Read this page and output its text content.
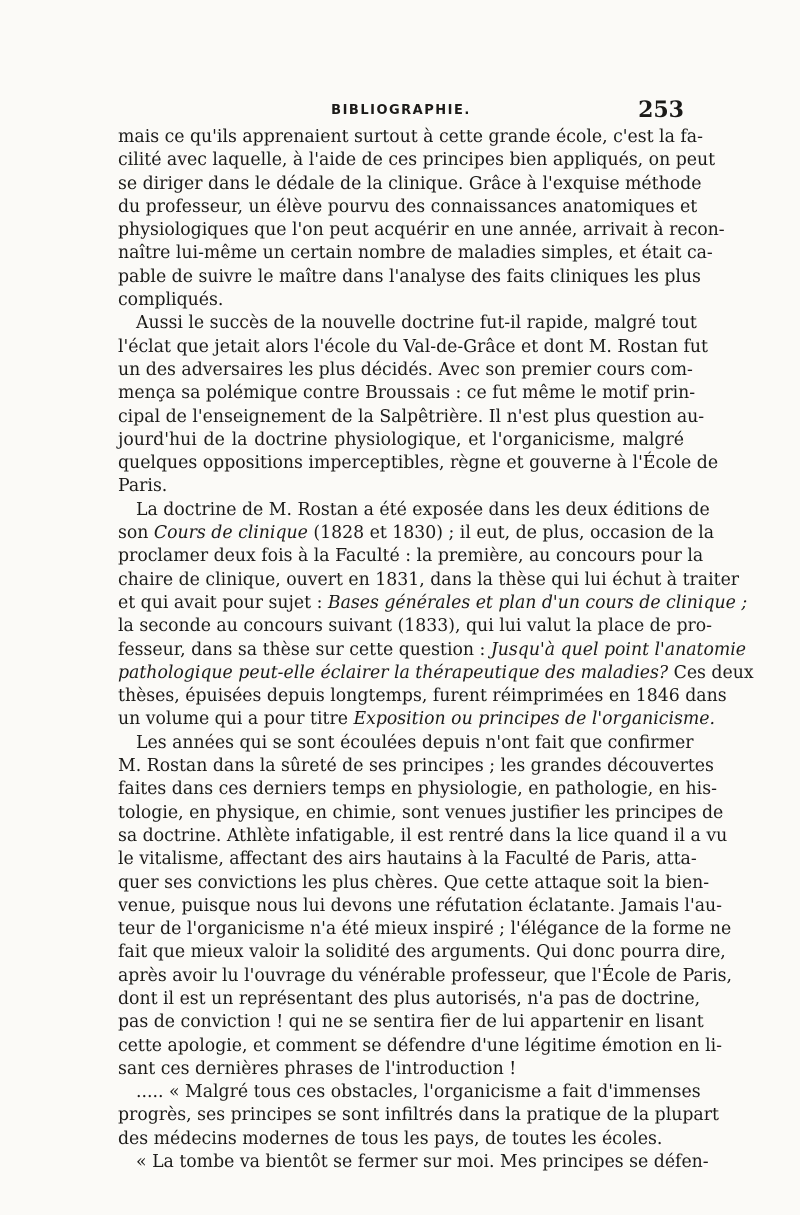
BIBLIOGRAPHIE.	253
mais ce qu'ils apprenaient surtout à cette grande école, c'est la fa-
cilité avec laquelle, à l'aide de ces principes bien appliqués, on peut
se diriger dans le dédale de la clinique. Grâce à l'exquise méthode
du professeur, un élève pourvu des connaissances anatomiques et
physiologiques que l'on peut acquérir en une année, arrivait à recon-
naître lui-même un certain nombre de maladies simples, et était ca-
pable de suivre le maître dans l'analyse des faits cliniques les plus
compliqués.
Aussi le succès de la nouvelle doctrine fut-il rapide, malgré tout
l'éclat que jetait alors l'école du Val-de-Grâce et dont M. Rostan fut
un des adversaires les plus décidés. Avec son premier cours com-
mença sa polémique contre Broussais : ce fut même le motif prin-
cipal de l'enseignement de la Salpêtrière. Il n'est plus question au-
jourd'hui de la doctrine physiologique, et l'organicisme, malgré
quelques oppositions imperceptibles, règne et gouverne à l'École de
Paris.
La doctrine de M. Rostan a été exposée dans les deux éditions de
son Cours de clinique (1828 et 1830) ; il eut, de plus, occasion de la
proclamer deux fois à la Faculté : la première, au concours pour la
chaire de clinique, ouvert en 1831, dans la thèse qui lui échut à traiter
et qui avait pour sujet : Bases générales et plan d'un cours de clinique ;
la seconde au concours suivant (1833), qui lui valut la place de pro-
fesseur, dans sa thèse sur cette question : Jusqu'à quel point l'anatomie
pathologique peut-elle éclairer la thérapeutique des maladies? Ces deux
thèses, épuisées depuis longtemps, furent réimprimées en 1846 dans
un volume qui a pour titre Exposition ou principes de l'organicisme.
Les années qui se sont écoulées depuis n'ont fait que confirmer
M. Rostan dans la sûreté de ses principes ; les grandes découvertes
faites dans ces derniers temps en physiologie, en pathologie, en his-
tologie, en physique, en chimie, sont venues justifier les principes de
sa doctrine. Athlète infatigable, il est rentré dans la lice quand il a vu
le vitalisme, affectant des airs hautains à la Faculté de Paris, atta-
quer ses convictions les plus chères. Que cette attaque soit la bien-
venue, puisque nous lui devons une réfutation éclatante. Jamais l'au-
teur de l'organicisme n'a été mieux inspiré ; l'élégance de la forme ne
fait que mieux valoir la solidité des arguments. Qui donc pourra dire,
après avoir lu l'ouvrage du vénérable professeur, que l'École de Paris,
dont il est un représentant des plus autorisés, n'a pas de doctrine,
pas de conviction ! qui ne se sentira fier de lui appartenir en lisant
cette apologie, et comment se défendre d'une légitime émotion en li-
sant ces dernières phrases de l'introduction !
..... « Malgré tous ces obstacles, l'organicisme a fait d'immenses
progrès, ses principes se sont infiltrés dans la pratique de la plupart
des médecins modernes de tous les pays, de toutes les écoles.
« La tombe va bientôt se fermer sur moi. Mes principes se défen-
